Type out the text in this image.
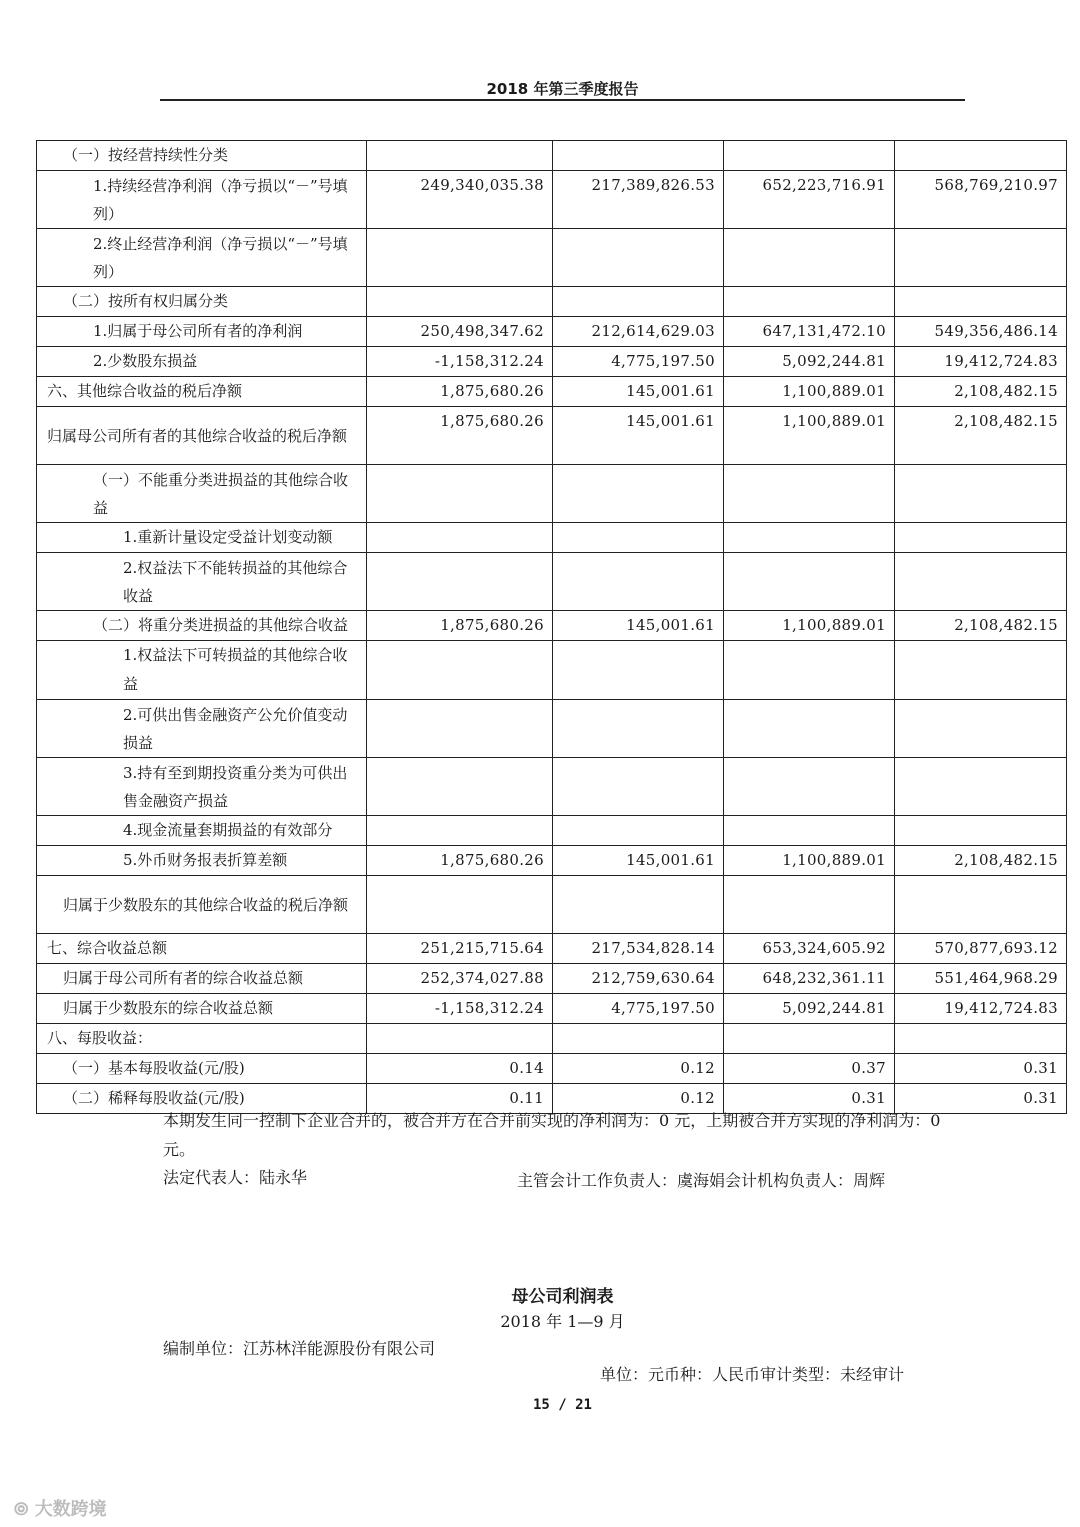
2018 年第三季度报告
（一）按经营持续性分类				
1.持续经营净利润（净亏损以“－”号填列）	249,340,035.38	217,389,826.53	652,223,716.91	568,769,210.97
2.终止经营净利润（净亏损以“－”号填列）				
（二）按所有权归属分类				
1.归属于母公司所有者的净利润	250,498,347.62	212,614,629.03	647,131,472.10	549,356,486.14
2.少数股东损益	-1,158,312.24	4,775,197.50	5,092,244.81	19,412,724.83
六、其他综合收益的税后净额	1,875,680.26	145,001.61	1,100,889.01	2,108,482.15
归属母公司所有者的其他综合收益的税后净额	1,875,680.26	145,001.61	1,100,889.01	2,108,482.15
（一）不能重分类进损益的其他综合收益				
1.重新计量设定受益计划变动额				
2.权益法下不能转损益的其他综合收益				
（二）将重分类进损益的其他综合收益	1,875,680.26	145,001.61	1,100,889.01	2,108,482.15
1.权益法下可转损益的其他综合收益				
2.可供出售金融资产公允价值变动损益				
3.持有至到期投资重分类为可供出售金融资产损益				
4.现金流量套期损益的有效部分				
5.外币财务报表折算差额	1,875,680.26	145,001.61	1,100,889.01	2,108,482.15
归属于少数股东的其他综合收益的税后净额				
七、综合收益总额	251,215,715.64	217,534,828.14	653,324,605.92	570,877,693.12
归属于母公司所有者的综合收益总额	252,374,027.88	212,759,630.64	648,232,361.11	551,464,968.29
归属于少数股东的综合收益总额	-1,158,312.24	4,775,197.50	5,092,244.81	19,412,724.83
八、每股收益：				
（一）基本每股收益(元/股)	0.14	0.12	0.37	0.31
（二）稀释每股收益(元/股)	0.11	0.12	0.31	0.31
本期发生同一控制下企业合并的，被合并方在合并前实现的净利润为：0 元，上期被合并方实现的净利润为：0 元。
法定代表人：陆永华	主管会计工作负责人：虞海娟会计机构负责人：周辉
母公司利润表
2018 年 1—9 月
编制单位：江苏林洋能源股份有限公司
单位：元币种：人民币审计类型：未经审计
15 / 21
⦾ 大数跨境
